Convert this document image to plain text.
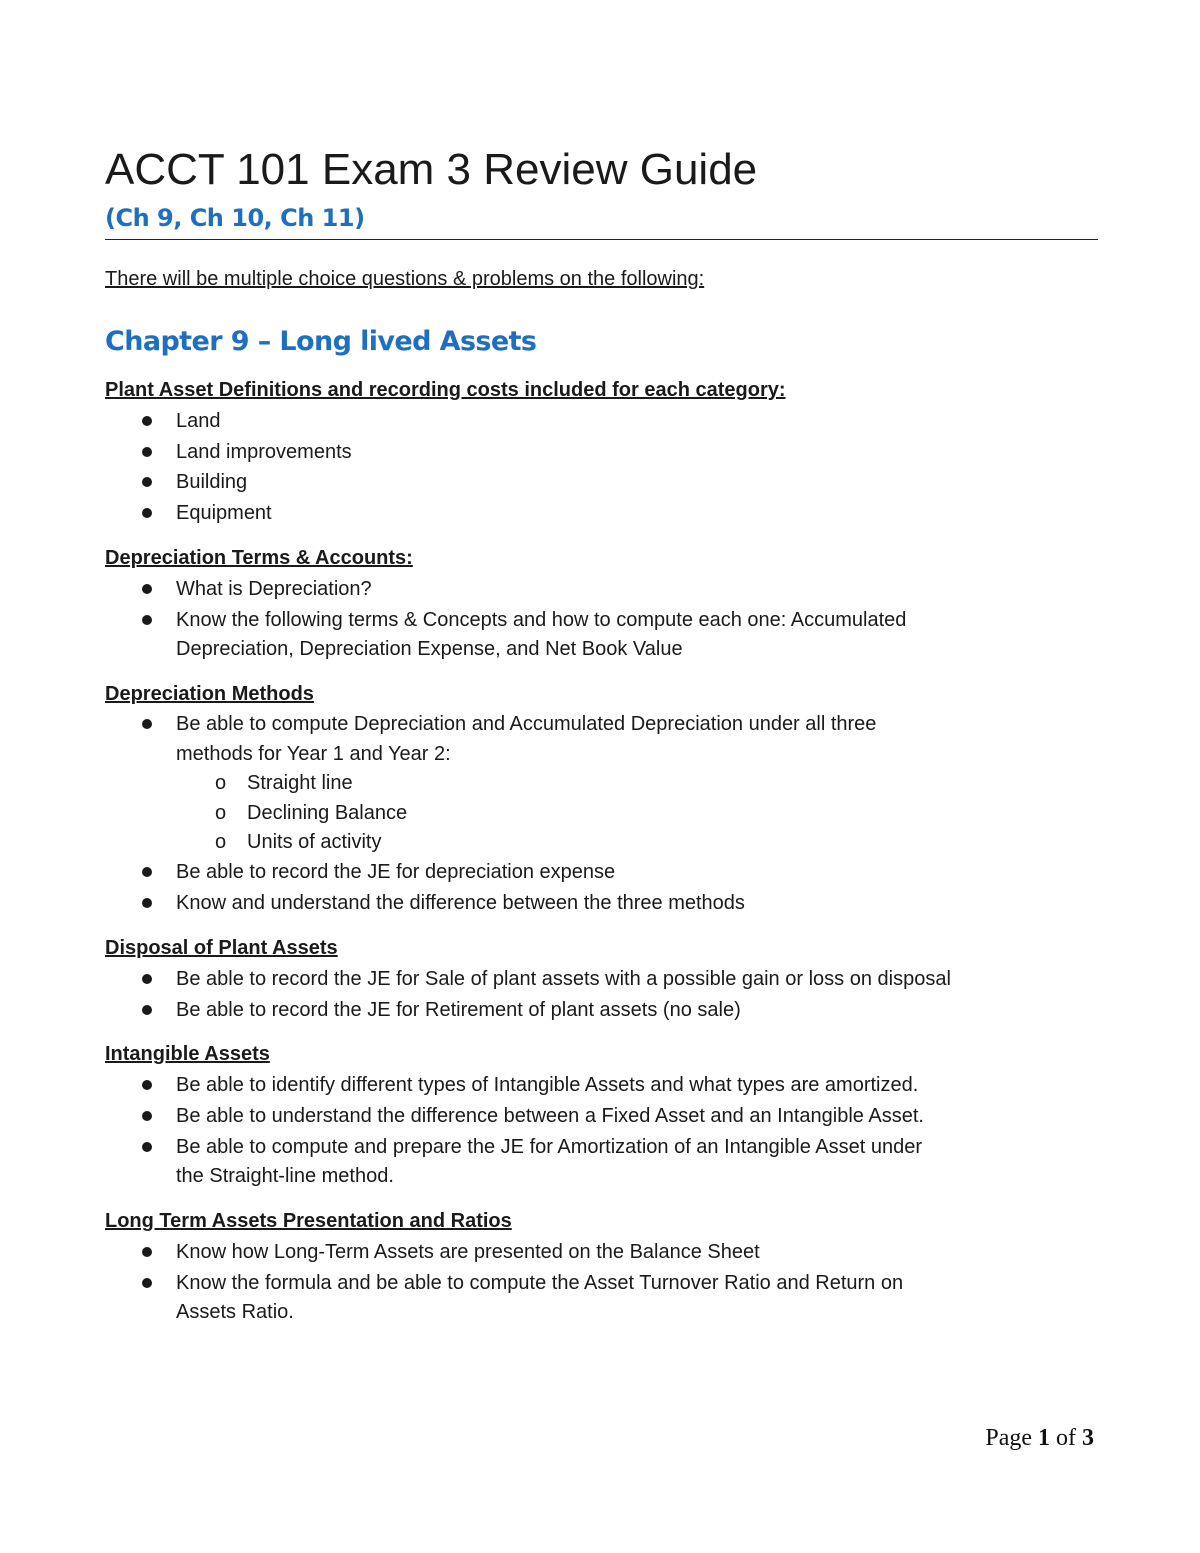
ACCT 101 Exam 3 Review Guide
(Ch 9, Ch 10, Ch 11)
There will be multiple choice questions & problems on the following:
Chapter 9 – Long lived Assets
Plant Asset Definitions and recording costs included for each category:
Land
Land improvements
Building
Equipment
Depreciation Terms & Accounts:
What is Depreciation?
Know the following terms & Concepts and how to compute each one: Accumulated
Depreciation, Depreciation Expense, and Net Book Value
Depreciation Methods
Be able to compute Depreciation and Accumulated Depreciation under all three
methods for Year 1 and Year 2:
o Straight line
o Declining Balance
o Units of activity
Be able to record the JE for depreciation expense
Know and understand the difference between the three methods
Disposal of Plant Assets
Be able to record the JE for Sale of plant assets with a possible gain or loss on disposal
Be able to record the JE for Retirement of plant assets (no sale)
Intangible Assets
Be able to identify different types of Intangible Assets and what types are amortized.
Be able to understand the difference between a Fixed Asset and an Intangible Asset.
Be able to compute and prepare the JE for Amortization of an Intangible Asset under
the Straight-line method.
Long Term Assets Presentation and Ratios
Know how Long-Term Assets are presented on the Balance Sheet
Know the formula and be able to compute the Asset Turnover Ratio and Return on
Assets Ratio.
Page 1 of 3
